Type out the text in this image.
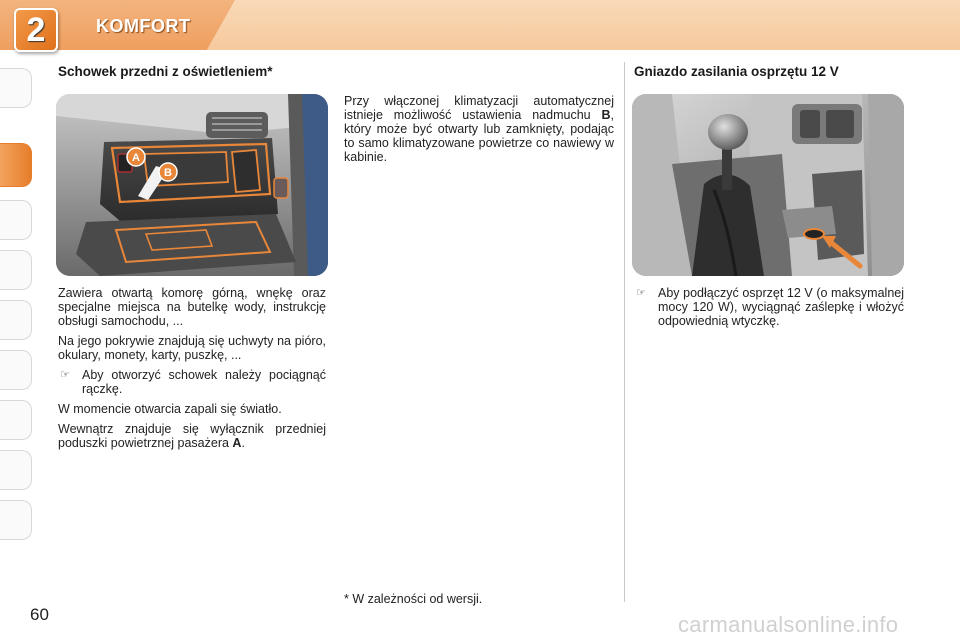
2	KOMFORT
Schowek przedni z oświetleniem*
A
B

Zawiera otwartą komorę górną, wnękę oraz specjalne miejsca na butelkę wody, instrukcję obsługi samochodu, ...

Na jego pokrywie znajdują się uchwyty na pióro, okulary, monety, karty, puszkę, ...

☞ Aby otworzyć schowek należy pociągnąć rączkę.

W momencie otwarcia zapali się światło.

Wewnątrz znajduje się wyłącznik przedniej poduszki powietrznej pasażera A.

Przy włączonej klimatyzacji automatycznej istnieje możliwość ustawienia nadmuchu B, który może być otwarty lub zamknięty, podając to samo klimatyzowane powietrze co nawiewy w kabinie.

* W zależności od wersji.
Gniazdo zasilania osprzętu 12 V

☞ Aby podłączyć osprzęt 12 V (o maksymalnej mocy 120 W), wyciągnąć zaślepkę i włożyć odpowiednią wtyczkę.

60	carmanualsonline.info
